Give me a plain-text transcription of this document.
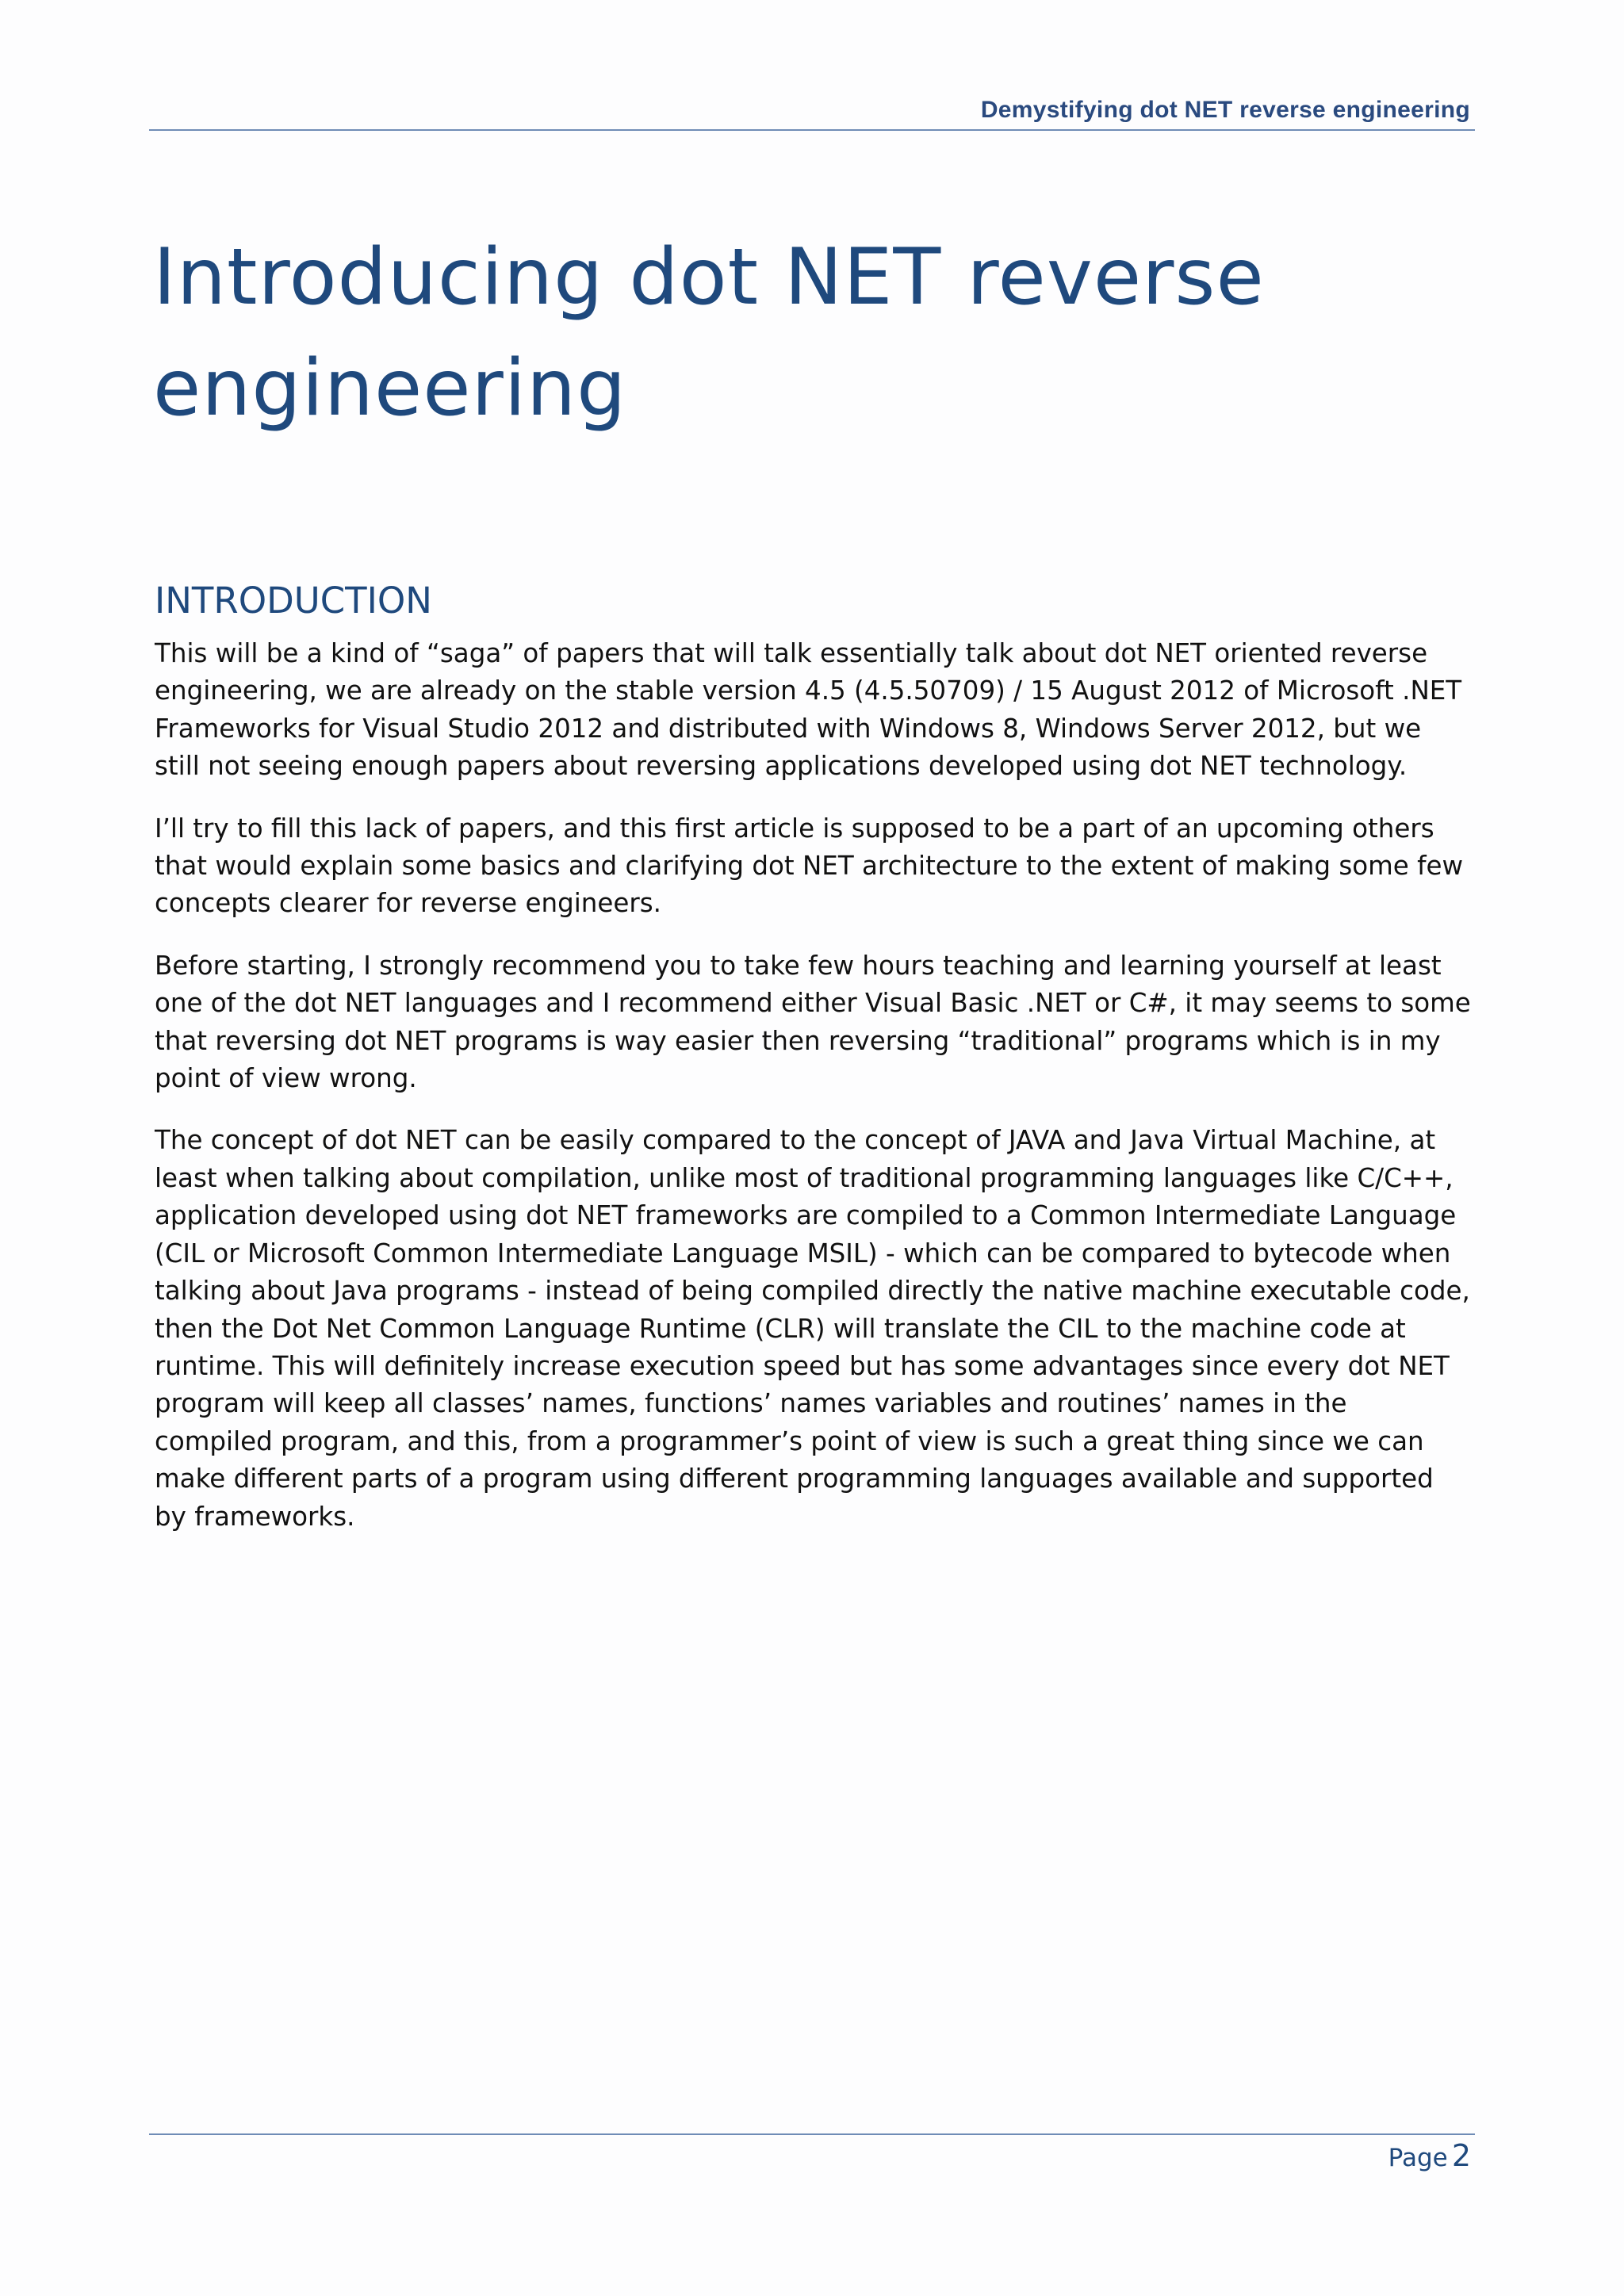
Demystifying dot NET reverse engineering
Introducing dot NET reverse engineering
INTRODUCTION

This will be a kind of “saga” of papers that will talk essentially talk about dot NET oriented reverse engineering, we are already on the stable version 4.5 (4.5.50709) / 15 August 2012 of Microsoft .NET Frameworks for Visual Studio 2012 and distributed with Windows 8, Windows Server 2012, but we still not seeing enough papers about reversing applications developed using dot NET technology.

I’ll try to fill this lack of papers, and this first article is supposed to be a part of an upcoming others that would explain some basics and clarifying dot NET architecture to the extent of making some few concepts clearer for reverse engineers.

Before starting, I strongly recommend you to take few hours teaching and learning yourself at least one of the dot NET languages and I recommend either Visual Basic .NET or C#, it may seems to some that reversing dot NET programs is way easier then reversing “traditional” programs which is in my point of view wrong.

The concept of dot NET can be easily compared to the concept of JAVA and Java Virtual Machine, at least when talking about compilation, unlike most of traditional programming languages like C/C++, application developed using dot NET frameworks are compiled to a Common Intermediate Language (CIL or Microsoft Common Intermediate Language MSIL) - which can be compared to bytecode when talking about Java programs - instead of being compiled directly the native machine executable code, then the Dot Net Common Language Runtime (CLR) will translate the CIL to the machine code at runtime. This will definitely increase execution speed but has some advantages since every dot NET program will keep all classes’ names, functions’ names variables and routines’ names in the compiled program, and this, from a programmer’s point of view is such a great thing since we can make different parts of a program using different programming languages available and supported by frameworks.

Page 2
